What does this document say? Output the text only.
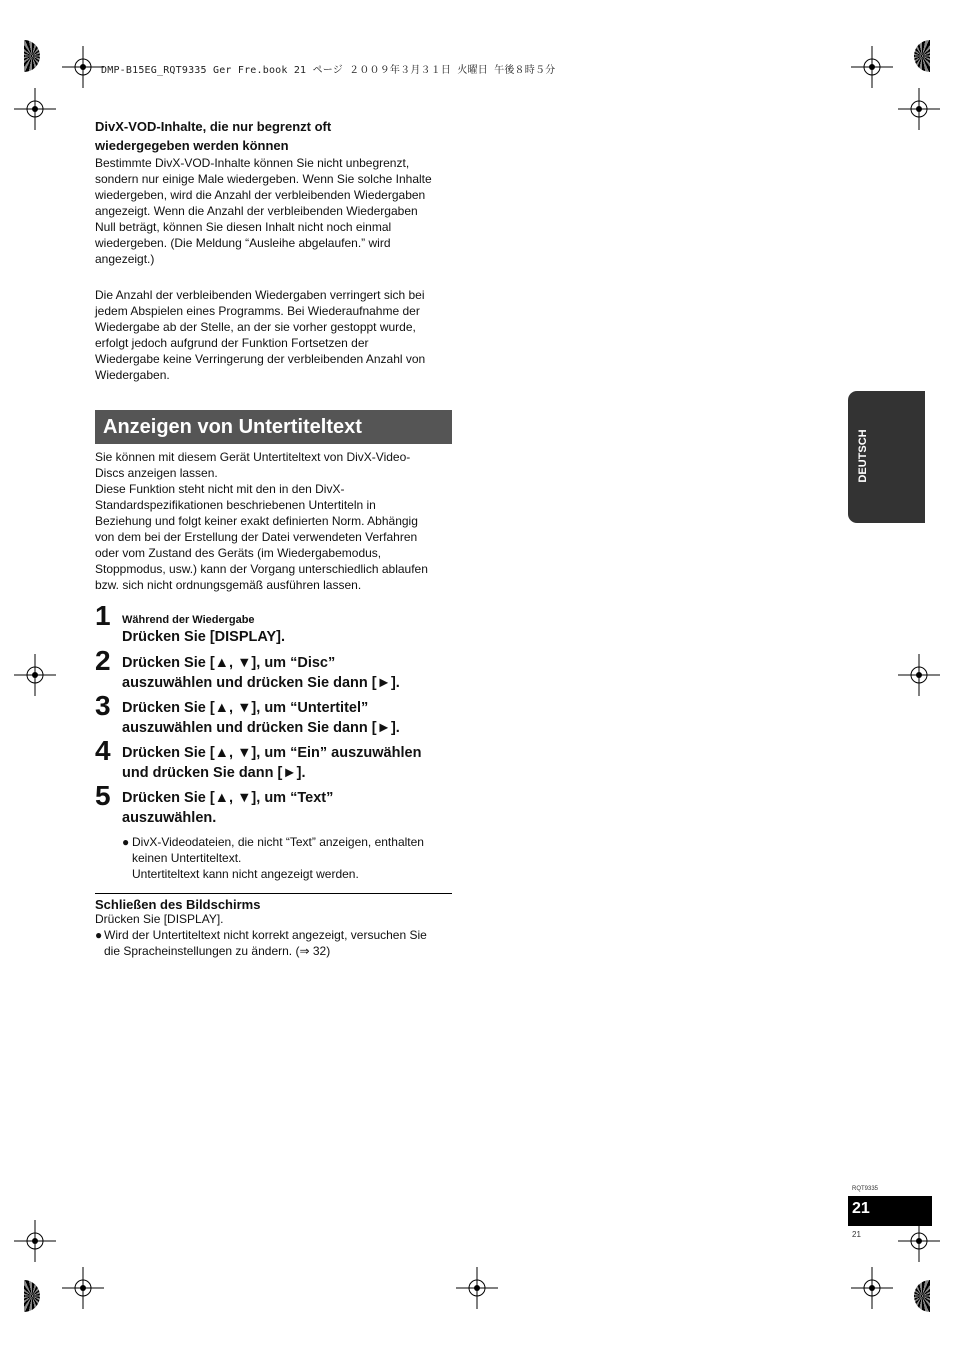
DMP-B15EG_RQT9335 Ger Fre.book 21 ページ ２００９年３月３１日 火曜日 午後８時５分
DivX-VOD-Inhalte, die nur begrenzt oft
wiedergegeben werden können
Bestimmte DivX-VOD-Inhalte können Sie nicht unbegrenzt,
sondern nur einige Male wiedergeben. Wenn Sie solche Inhalte
wiedergeben, wird die Anzahl der verbleibenden Wiedergaben
angezeigt. Wenn die Anzahl der verbleibenden Wiedergaben
Null beträgt, können Sie diesen Inhalt nicht noch einmal
wiedergeben. (Die Meldung “Ausleihe abgelaufen.” wird
angezeigt.)
Die Anzahl der verbleibenden Wiedergaben verringert sich bei
jedem Abspielen eines Programms. Bei Wiederaufnahme der
Wiedergabe ab der Stelle, an der sie vorher gestoppt wurde,
erfolgt jedoch aufgrund der Funktion Fortsetzen der
Wiedergabe keine Verringerung der verbleibenden Anzahl von
Wiedergaben.
Anzeigen von Untertiteltext
Sie können mit diesem Gerät Untertiteltext von DivX-Video-
Discs anzeigen lassen.
Diese Funktion steht nicht mit den in den DivX-
Standardspezifikationen beschriebenen Untertiteln in
Beziehung und folgt keiner exakt definierten Norm. Abhängig
von dem bei der Erstellung der Datei verwendeten Verfahren
oder vom Zustand des Geräts (im Wiedergabemodus,
Stoppmodus, usw.) kann der Vorgang unterschiedlich ablaufen
bzw. sich nicht ordnungsgemäß ausführen lassen.
1 Während der Wiedergabe
Drücken Sie [DISPLAY].
2 Drücken Sie [▲, ▼], um “Disc”
auszuwählen und drücken Sie dann [►].
3 Drücken Sie [▲, ▼], um “Untertitel”
auszuwählen und drücken Sie dann [►].
4 Drücken Sie [▲, ▼], um “Ein” auszuwählen
und drücken Sie dann [►].
5 Drücken Sie [▲, ▼], um “Text”
auszuwählen.
● DivX-Videodateien, die nicht “Text” anzeigen, enthalten
keinen Untertiteltext.
Untertiteltext kann nicht angezeigt werden.
Schließen des Bildschirms
Drücken Sie [DISPLAY].
● Wird der Untertiteltext nicht korrekt angezeigt, versuchen Sie
die Spracheinstellungen zu ändern. (⇒ 32)
DEUTSCH
RQT9335
21
21
